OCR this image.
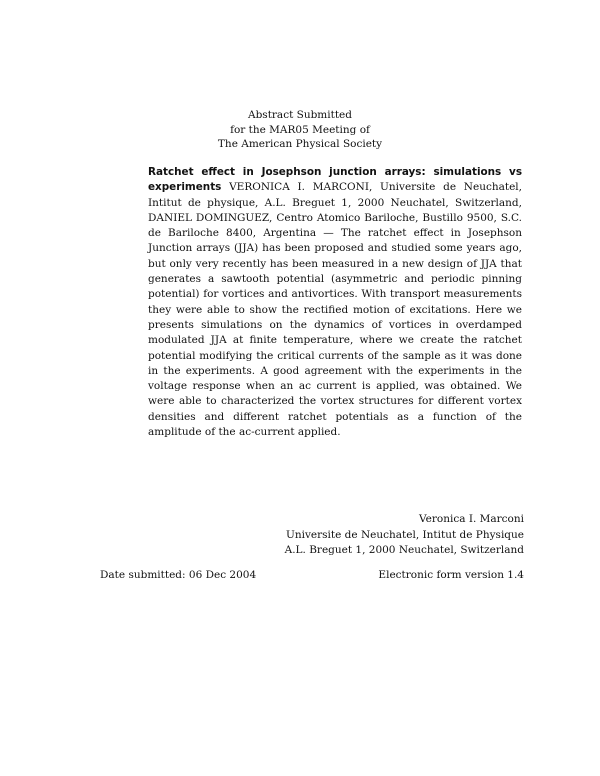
Abstract Submitted
for the MAR05 Meeting of
The American Physical Society
Ratchet effect in Josephson junction arrays: simulations vs experiments VERONICA I. MARCONI, Universite de Neuchatel, Intitut de physique, A.L. Breguet 1, 2000 Neuchatel, Switzerland, DANIEL DOMINGUEZ, Centro Atomico Bariloche, Bustillo 9500, S.C. de Bariloche 8400, Argentina — The ratchet effect in Josephson Junction arrays (JJA) has been proposed and studied some years ago, but only very recently has been measured in a new design of JJA that generates a sawtooth potential (asymmetric and periodic pinning potential) for vortices and antivortices. With transport measurements they were able to show the rectified motion of excitations. Here we presents simulations on the dynamics of vortices in overdamped modulated JJA at finite temperature, where we create the ratchet potential modifying the critical currents of the sample as it was done in the experiments. A good agreement with the experiments in the voltage response when an ac current is applied, was obtained. We were able to characterized the vortex structures for different vortex densities and different ratchet potentials as a function of the amplitude of the ac-current applied.
Veronica I. Marconi
Universite de Neuchatel, Intitut de Physique
A.L. Breguet 1, 2000 Neuchatel, Switzerland
Date submitted: 06 Dec 2004	Electronic form version 1.4
